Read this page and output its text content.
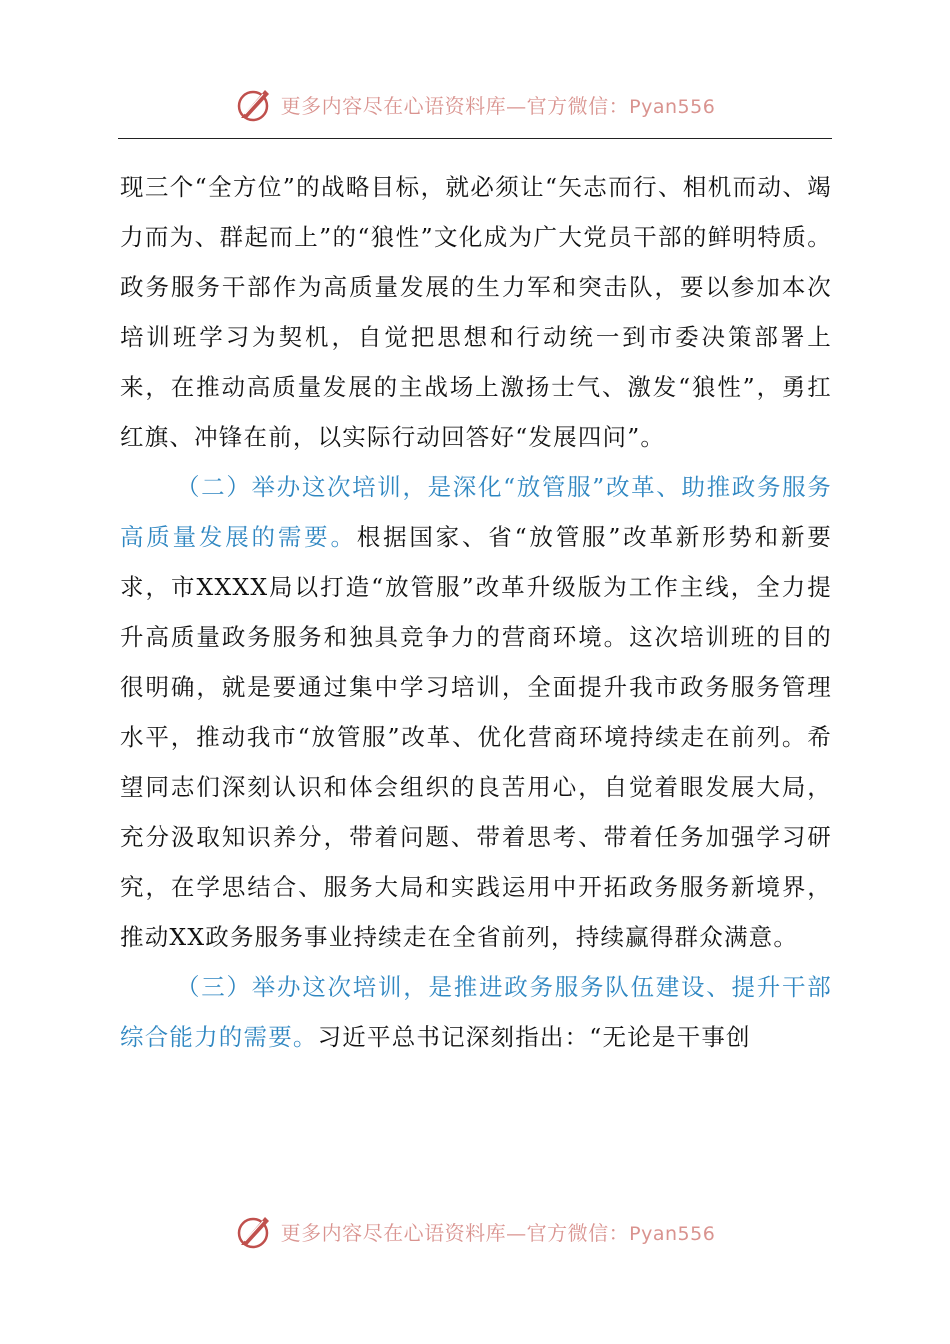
更多内容尽在心语资料库—官方微信：Pyan556

现三个“全方位”的战略目标，就必须让“矢志而行、相机而动、竭力而为、群起而上”的“狼性”文化成为广大党员干部的鲜明特质。政务服务干部作为高质量发展的生力军和突击队，要以参加本次培训班学习为契机，自觉把思想和行动统一到市委决策部署上来，在推动高质量发展的主战场上激扬士气、激发“狼性”，勇扛红旗、冲锋在前，以实际行动回答好“发展四问”。

（二）举办这次培训，是深化“放管服”改革、助推政务服务高质量发展的需要。根据国家、省“放管服”改革新形势和新要求，市XXXX局以打造“放管服”改革升级版为工作主线，全力提升高质量政务服务和独具竞争力的营商环境。这次培训班的目的很明确，就是要通过集中学习培训，全面提升我市政务服务管理水平，推动我市“放管服”改革、优化营商环境持续走在前列。希望同志们深刻认识和体会组织的良苦用心，自觉着眼发展大局，充分汲取知识养分，带着问题、带着思考、带着任务加强学习研究，在学思结合、服务大局和实践运用中开拓政务服务新境界，推动XX政务服务事业持续走在全省前列，持续赢得群众满意。

（三）举办这次培训，是推进政务服务队伍建设、提升干部综合能力的需要。习近平总书记深刻指出：“无论是干事创

更多内容尽在心语资料库—官方微信：Pyan556
